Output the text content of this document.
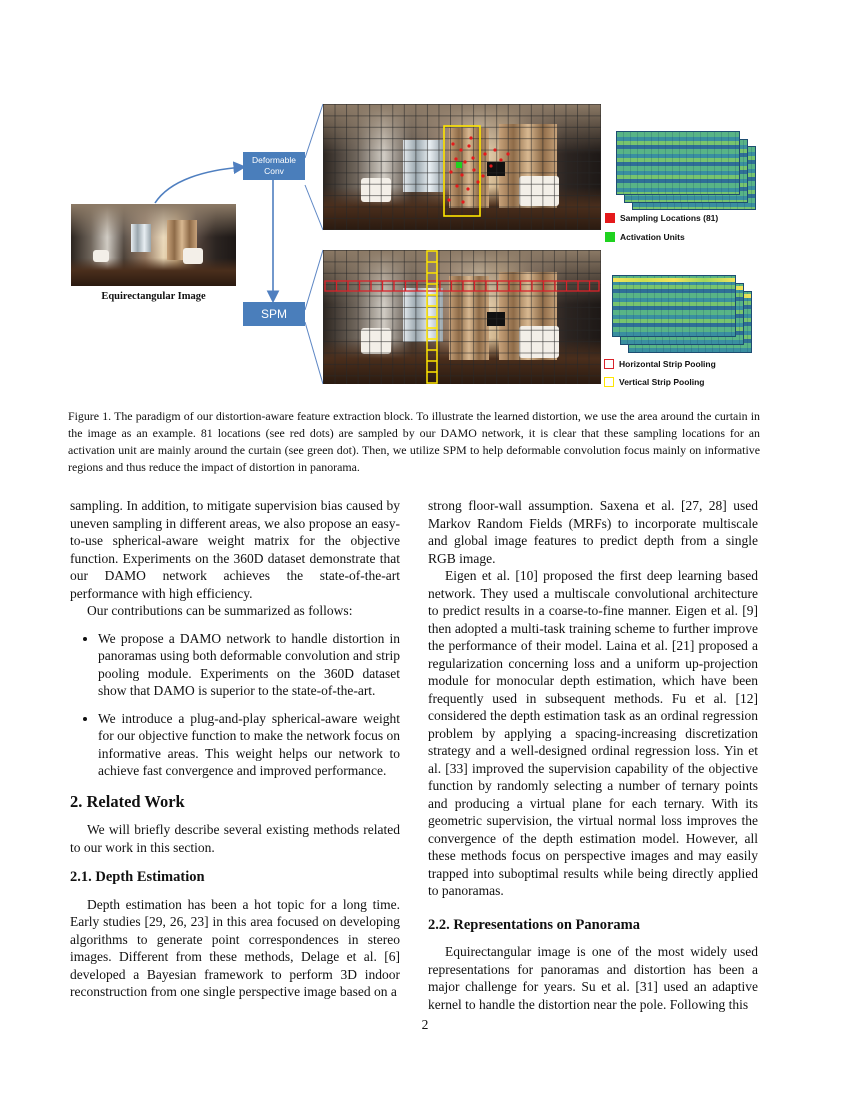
Equirectangular Image
Deformable Conv
SPM
Sampling Locations (81)
Activation Units
Horizontal Strip Pooling
Vertical Strip Pooling
Figure 1. The paradigm of our distortion-aware feature extraction block. To illustrate the learned distortion, we use the area around the curtain in the image as an example. 81 locations (see red dots) are sampled by our DAMO network, it is clear that these sampling locations for an activation unit are mainly around the curtain (see green dot). Then, we utilize SPM to help deformable convolution focus mainly on informative regions and thus reduce the impact of distortion in panorama.

sampling. In addition, to mitigate supervision bias caused by uneven sampling in different areas, we also propose an easy-to-use spherical-aware weight matrix for the objective function. Experiments on the 360D dataset demonstrate that our DAMO network achieves the state-of-the-art performance with high efficiency.

Our contributions can be summarized as follows:

• We propose a DAMO network to handle distortion in panoramas using both deformable convolution and strip pooling module. Experiments on the 360D dataset show that DAMO is superior to the state-of-the-art.
• We introduce a plug-and-play spherical-aware weight for our objective function to make the network focus on informative areas. This weight helps our network to achieve fast convergence and improved performance.
2. Related Work

We will briefly describe several existing methods related to our work in this section.

2.1. Depth Estimation

Depth estimation has been a hot topic for a long time. Early studies [29, 26, 23] in this area focused on developing algorithms to generate point correspondences in stereo images. Different from these methods, Delage et al. [6] developed a Bayesian framework to perform 3D indoor reconstruction from one single perspective image based on a

strong floor-wall assumption. Saxena et al. [27, 28] used Markov Random Fields (MRFs) to incorporate multiscale and global image features to predict depth from a single RGB image.

Eigen et al. [10] proposed the first deep learning based network. They used a multiscale convolutional architecture to predict results in a coarse-to-fine manner. Eigen et al. [9] then adopted a multi-task training scheme to further improve the performance of their model. Laina et al. [21] proposed a regularization concerning loss and a uniform up-projection module for monocular depth estimation, which have been frequently used in subsequent methods. Fu et al. [12] considered the depth estimation task as an ordinal regression problem by applying a spacing-increasing discretization strategy and a well-designed ordinal regression loss. Yin et al. [33] improved the supervision capability of the objective function by randomly selecting a number of ternary points and producing a virtual plane for each ternary. With its geometric supervision, the virtual normal loss improves the convergence of the depth estimation model. However, all these methods focus on perspective images and may easily trapped into suboptimal results while being directly applied to panoramas.

2.2. Representations on Panorama

Equirectangular image is one of the most widely used representations for panoramas and distortion has been a major challenge for years. Su et al. [31] used an adaptive kernel to handle the distortion near the pole. Following this

2
